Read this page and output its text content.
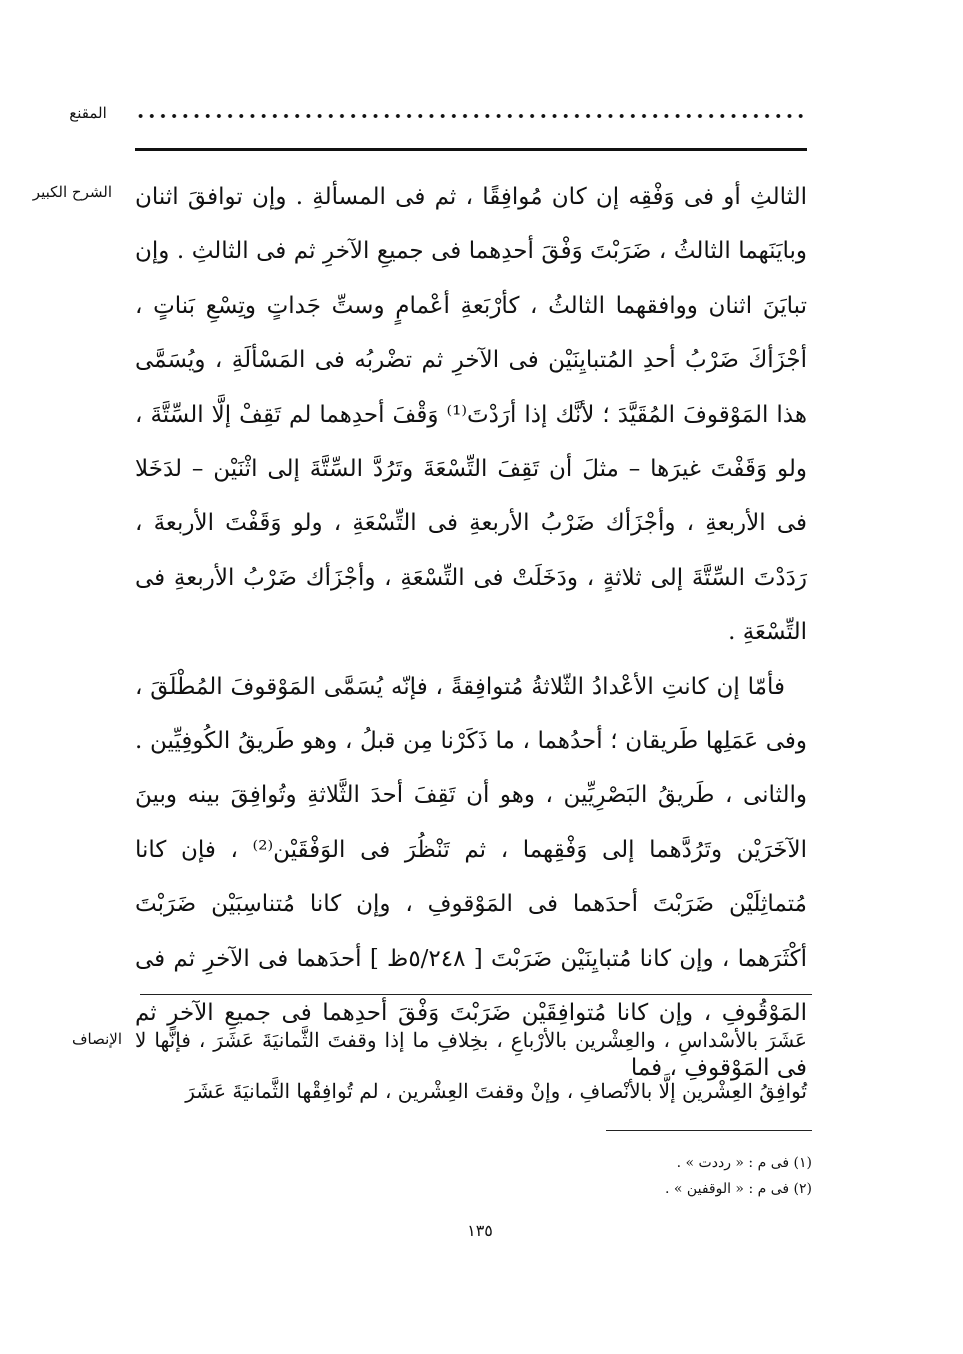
المقنع
الشرح الكبير الثالثِ أو فى وَفْقِه إن كان مُوافِقًا ، ثم فى المسألةِ . وإن توافقَ اثنان وبايَنَهما الثالثُ ، ضَرَبْتَ وَفْقَ أحدِهما فى جميعِ الآخرِ ثم فى الثالثِ . وإن تبايَنَ اثنان ووافقهما الثالثُ ، كأرْبَعةِ أعْمامٍ وستِّ جَداتٍ وتِسْعِ بَناتٍ ، أجْزَأكَ ضَرْبُ أحدِ المُتبايِنَيْن فى الآخرِ ثم تضْربُه فى المَسْألَةِ ، ويُسَمَّى هذا المَوْقوفَ المُقَيَّدَ ؛ لأنَّك إذا أرَدْتَ⁽¹⁾ وَقْفَ أحدِهما لم تَقِفْ إلَّا السِّتَّةَ ، ولو وَقَفْتَ غيرَها – مثلَ أن تَقِفَ التِّسْعَةَ وتَرُدَّ السِّتَّةَ إلى اثْنَيْن – لدَخَلا فى الأربعةِ ، وأجْزَأك ضَرْبُ الأربعةِ فى التِّسْعَةِ ، ولو وَقَفْتَ الأربعةَ ، رَدَدْتَ السِّتَّةَ إلى ثلاثةٍ ، ودَخَلَتْ فى التِّسْعَةِ ، وأجْزَأك ضَرْبُ الأربعةِ فى التِّسْعَةِ .

فأمّا إن كانتِ الأعْدادُ الثّلاثةُ مُتوافِقةً ، فإنّه يُسَمَّى المَوْقوفَ المُطْلَقَ ، وفى عَمَلِها طَريقان ؛ أحدُهما ، ما ذَكَرْنا مِن قبلُ ، وهو طَريقُ الكُوفِيِّين . والثانى ، طَريقُ البَصْرِيِّين ، وهو أن تَقِفَ أحدَ الثَّلاثةِ وتُوافِقَ بينه وبينَ الآخَرَيْن وتَرُدَّهما إلى وَفْقِهما ، ثم تَنْظُرَ فى الوَفْقَيْن⁽²⁾ ، فإن كانا مُتماثِلَيْن ضَرَبْتَ أحدَهما فى المَوْقوفِ ، وإن كانا مُتناسِبَيْن ضَرَبْتَ أكْثَرَهما ، وإن كانا مُتبايِنَيْن ضَرَبْتَ [ ٥/٢٤٨ظ ] أحدَهما فى الآخرِ ثم فى المَوْقُوفِ ، وإن كانا مُتوافِقَيْن ضَرَبْتَ وَفْقَ أحدِهما فى جميعِ الآخرِ ثم فى المَوْقوفِ ، فما

الإنصاف عَشَرَ بالأسْداسِ ، والعِشْرين بالأرْباعِ ، بخِلافِ ما إذا وقفتَ الثَّمانيَةَ عَشَرَ ، فإنَّها لا تُوافِقُ العِشْرين إلَّا بالأنْصافِ ، وإنْ وقفتَ العِشْرين ، لم تُوافِقْها الثَّمانيَةَ عَشَرَ

(١) فى م : « رددت » .
(٢) فى م : « الوقفين » .
١٣٥
